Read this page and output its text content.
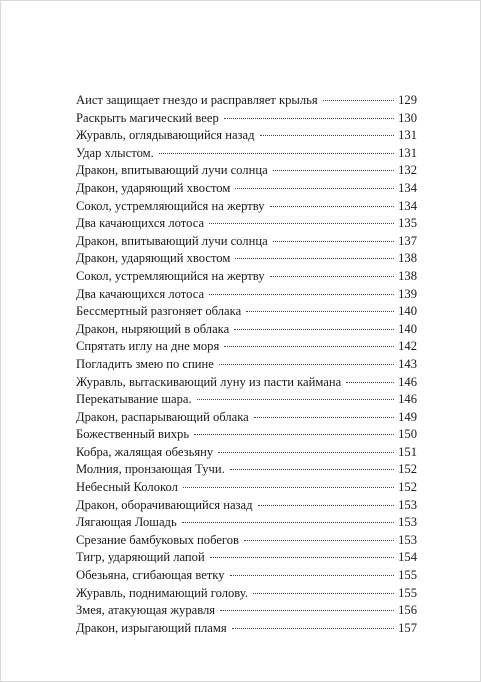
Аист защищает гнездо и расправляет крылья	129
Раскрыть магический веер	130
Журавль, оглядывающийся назад	131
Удар хлыстом.	131
Дракон, впитывающий лучи солнца	132
Дракон, ударяющий хвостом	134
Сокол, устремляющийся на жертву	134
Два качающихся лотоса	135
Дракон, впитывающий лучи солнца	137
Дракон, ударяющий хвостом	138
Сокол, устремляющийся на жертву	138
Два качающихся лотоса	139
Бессмертный разгоняет облака	140
Дракон, ныряющий в облака	140
Спрятать иглу на дне моря	142
Погладить змею по спине	143
Журавль, вытаскивающий луну из пасти каймана	146
Перекатывание шара.	146
Дракон, распарывающий облака	149
Божественный вихрь	150
Кобра, жалящая обезьяну	151
Молния, пронзающая Тучи.	152
Небесный Колокол	152
Дракон, оборачивающийся назад	153
Лягающая Лошадь	153
Срезание бамбуковых побегов	153
Тигр, ударяющий лапой	154
Обезьяна, сгибающая ветку	155
Журавль, поднимающий голову.	155
Змея, атакующая журавля	156
Дракон, изрыгающий пламя	157
